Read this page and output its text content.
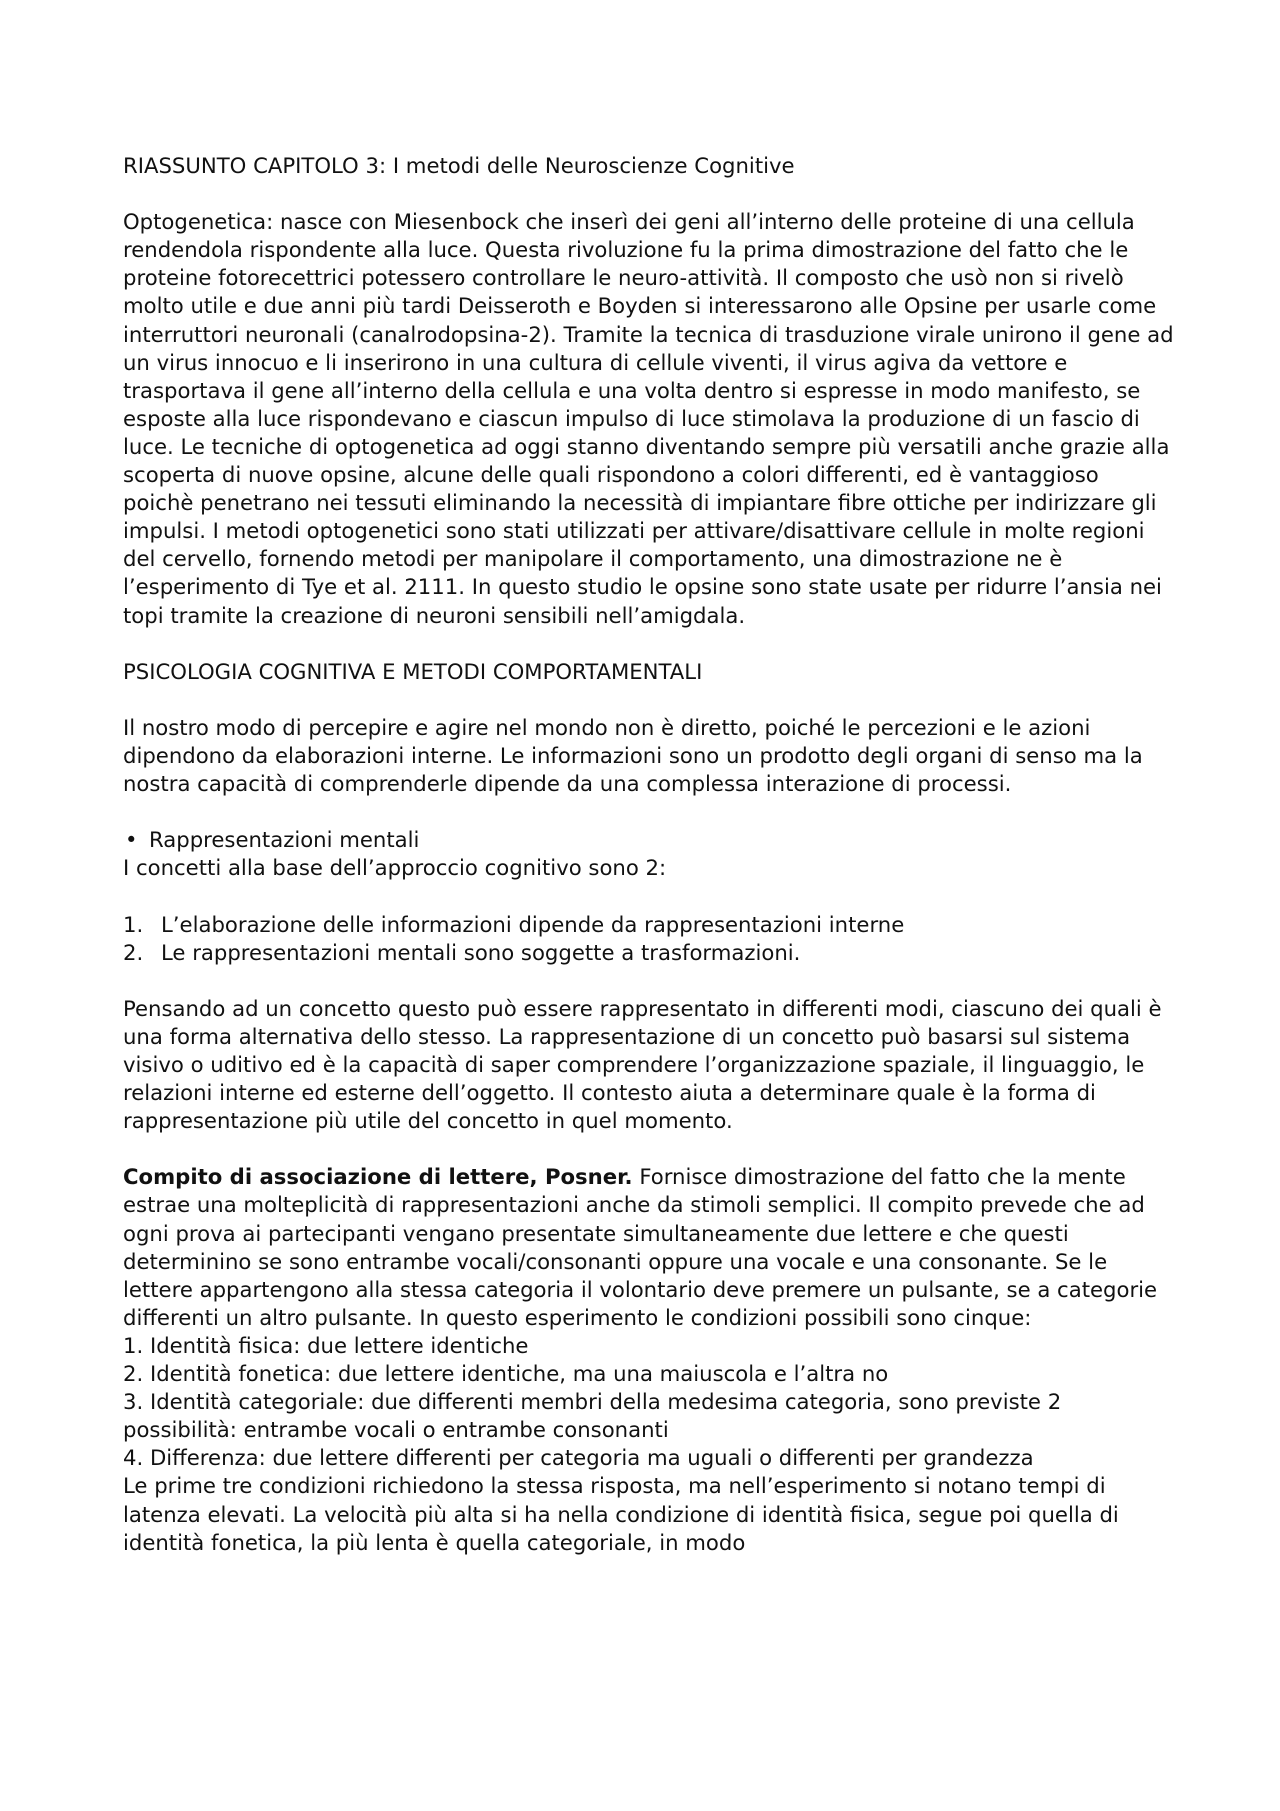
RIASSUNTO CAPITOLO 3: I metodi delle Neuroscienze Cognitive

Optogenetica: nasce con Miesenbock che inserì dei geni all’interno delle proteine di una cellula rendendola rispondente alla luce. Questa rivoluzione fu la prima dimostrazione del fatto che le proteine fotorecettrici potessero controllare le neuro-attività. Il composto che usò non si rivelò molto utile e due anni più tardi Deisseroth e Boyden si interessarono alle Opsine per usarle come interruttori neuronali (canalrodopsina-2). Tramite la tecnica di trasduzione virale unirono il gene ad un virus innocuo e li inserirono in una cultura di cellule viventi, il virus agiva da vettore e trasportava il gene all’interno della cellula e una volta dentro si espresse in modo manifesto, se esposte alla luce rispondevano e ciascun impulso di luce stimolava la produzione di un fascio di luce. Le tecniche di optogenetica ad oggi stanno diventando sempre più versatili anche grazie alla scoperta di nuove opsine, alcune delle quali rispondono a colori differenti, ed è vantaggioso poichè penetrano nei tessuti eliminando la necessità di impiantare fibre ottiche per indirizzare gli impulsi. I metodi optogenetici sono stati utilizzati per attivare/disattivare cellule in molte regioni del cervello, fornendo metodi per manipolare il comportamento, una dimostrazione ne è l’esperimento di Tye et al. 2111. In questo studio le opsine sono state usate per ridurre l’ansia nei topi tramite la creazione di neuroni sensibili nell’amigdala.

PSICOLOGIA COGNITIVA E METODI COMPORTAMENTALI

Il nostro modo di percepire e agire nel mondo non è diretto, poiché le percezioni e le azioni dipendono da elaborazioni interne. Le informazioni sono un prodotto degli organi di senso ma la nostra capacità di comprenderle dipende da una complessa interazione di processi.

• Rappresentazioni mentali

I concetti alla base dell’approccio cognitivo sono 2:

1. L’elaborazione delle informazioni dipende da rappresentazioni interne

2. Le rappresentazioni mentali sono soggette a trasformazioni.

Pensando ad un concetto questo può essere rappresentato in differenti modi, ciascuno dei quali è una forma alternativa dello stesso. La rappresentazione di un concetto può basarsi sul sistema visivo o uditivo ed è la capacità di saper comprendere l’organizzazione spaziale, il linguaggio, le relazioni interne ed esterne dell’oggetto. Il contesto aiuta a determinare quale è la forma di rappresentazione più utile del concetto in quel momento.

Compito di associazione di lettere, Posner. Fornisce dimostrazione del fatto che la mente estrae una molteplicità di rappresentazioni anche da stimoli semplici. Il compito prevede che ad ogni prova ai partecipanti vengano presentate simultaneamente due lettere e che questi determinino se sono entrambe vocali/consonanti oppure una vocale e una consonante. Se le lettere appartengono alla stessa categoria il volontario deve premere un pulsante, se a categorie differenti un altro pulsante. In questo esperimento le condizioni possibili sono cinque:

1. Identità fisica: due lettere identiche

2. Identità fonetica: due lettere identiche, ma una maiuscola e l’altra no

3. Identità categoriale: due differenti membri della medesima categoria, sono previste 2 possibilità: entrambe vocali o entrambe consonanti

4. Differenza: due lettere differenti per categoria ma uguali o differenti per grandezza

Le prime tre condizioni richiedono la stessa risposta, ma nell’esperimento si notano tempi di latenza elevati. La velocità più alta si ha nella condizione di identità fisica, segue poi quella di identità fonetica, la più lenta è quella categoriale, in modo
